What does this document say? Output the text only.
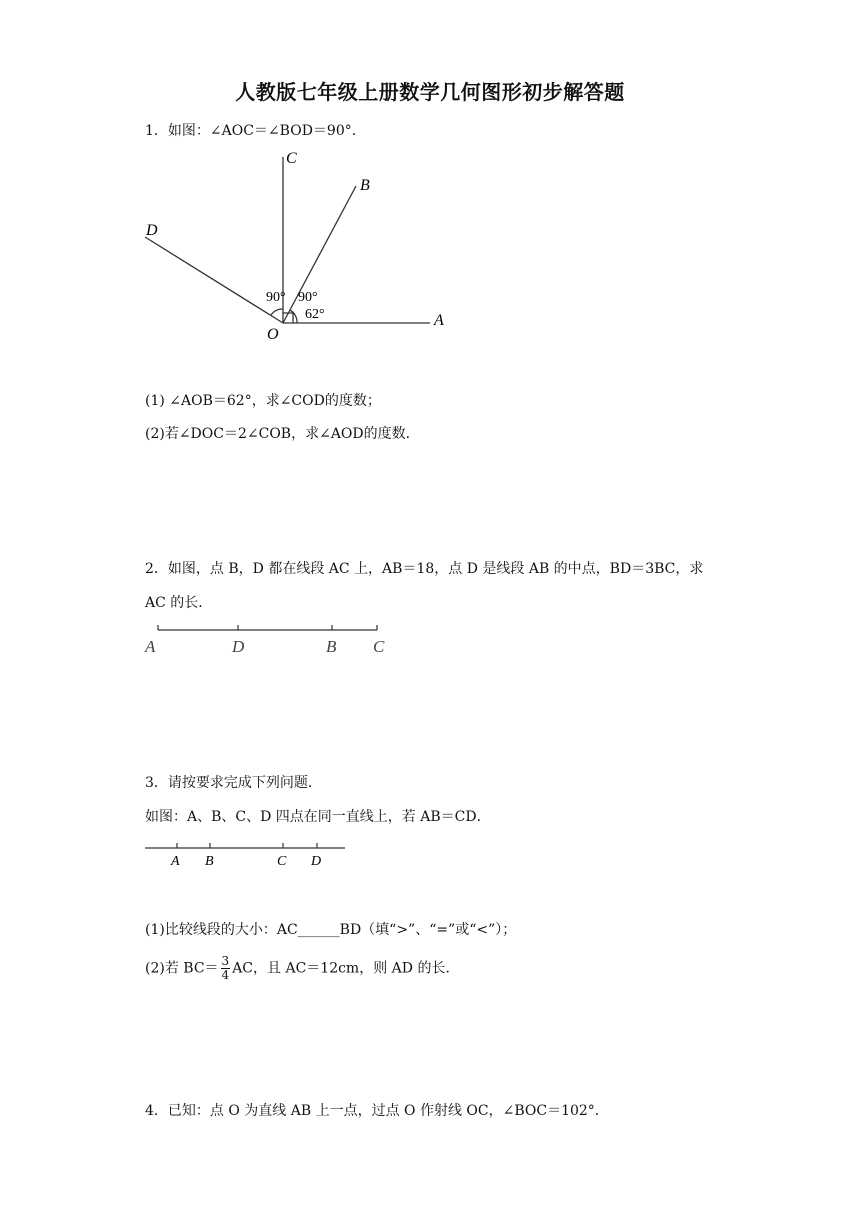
人教版七年级上册数学几何图形初步解答题
1．如图：∠AOC＝∠BOD＝90°．
C
B
D
O
A
90° 90°
62°
(1) ∠AOB＝62°，求∠COD的度数；
(2)若∠DOC＝2∠COB，求∠AOD的度数．
2．如图，点 B，D 都在线段 AC 上，AB＝18，点 D 是线段 AB 的中点，BD＝3BC，求
AC 的长．
A	D	B C
3．请按要求完成下列问题．
如图：A、B、C、D 四点在同一直线上，若 AB＝CD．
A B	C D
(1)比较线段的大小：AC______BD（填“>”、“=”或“<”）；
(2)若 $BC= \frac{3}{4}$ AC，且 AC＝12cm，则 AD 的长．
4．已知：点 O 为直线 AB 上一点，过点 O 作射线 OC，∠BOC＝102°．
